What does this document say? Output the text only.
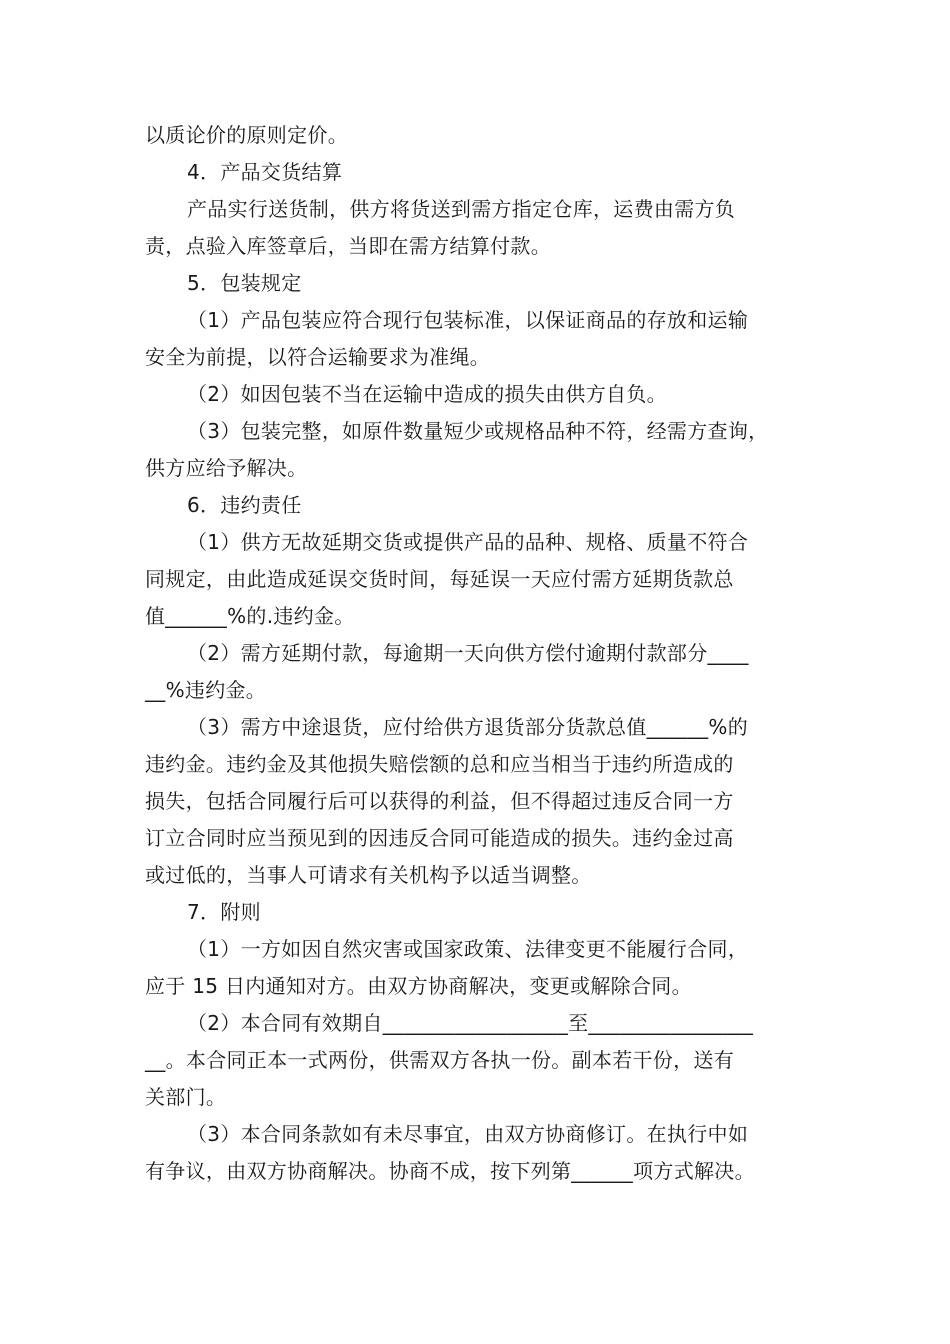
以质论价的原则定价。

4．产品交货结算

产品实行送货制，供方将货送到需方指定仓库，运费由需方负

责，点验入库签章后，当即在需方结算付款。

5．包装规定

（1）产品包装应符合现行包装标准，以保证商品的存放和运输

安全为前提，以符合运输要求为准绳。

（2）如因包装不当在运输中造成的损失由供方自负。

（3）包装完整，如原件数量短少或规格品种不符，经需方查询，

供方应给予解决。

6．违约责任

（1）供方无故延期交货或提供产品的品种、规格、质量不符合

同规定，由此造成延误交货时间，每延误一天应付需方延期货款总

值______%的.违约金。

（2）需方延期付款，每逾期一天向供方偿付逾期付款部分____

__%违约金。

（3）需方中途退货，应付给供方退货部分货款总值______%的

违约金。违约金及其他损失赔偿额的总和应当相当于违约所造成的

损失，包括合同履行后可以获得的利益，但不得超过违反合同一方

订立合同时应当预见到的因违反合同可能造成的损失。违约金过高

或过低的，当事人可请求有关机构予以适当调整。

7．附则

（1）一方如因自然灾害或国家政策、法律变更不能履行合同，

应于 15 日内通知对方。由双方协商解决，变更或解除合同。

（2）本合同有效期自__________________至________________

__。本合同正本一式两份，供需双方各执一份。副本若干份，送有

关部门。

（3）本合同条款如有未尽事宜，由双方协商修订。在执行中如

有争议，由双方协商解决。协商不成，按下列第______项方式解决。
